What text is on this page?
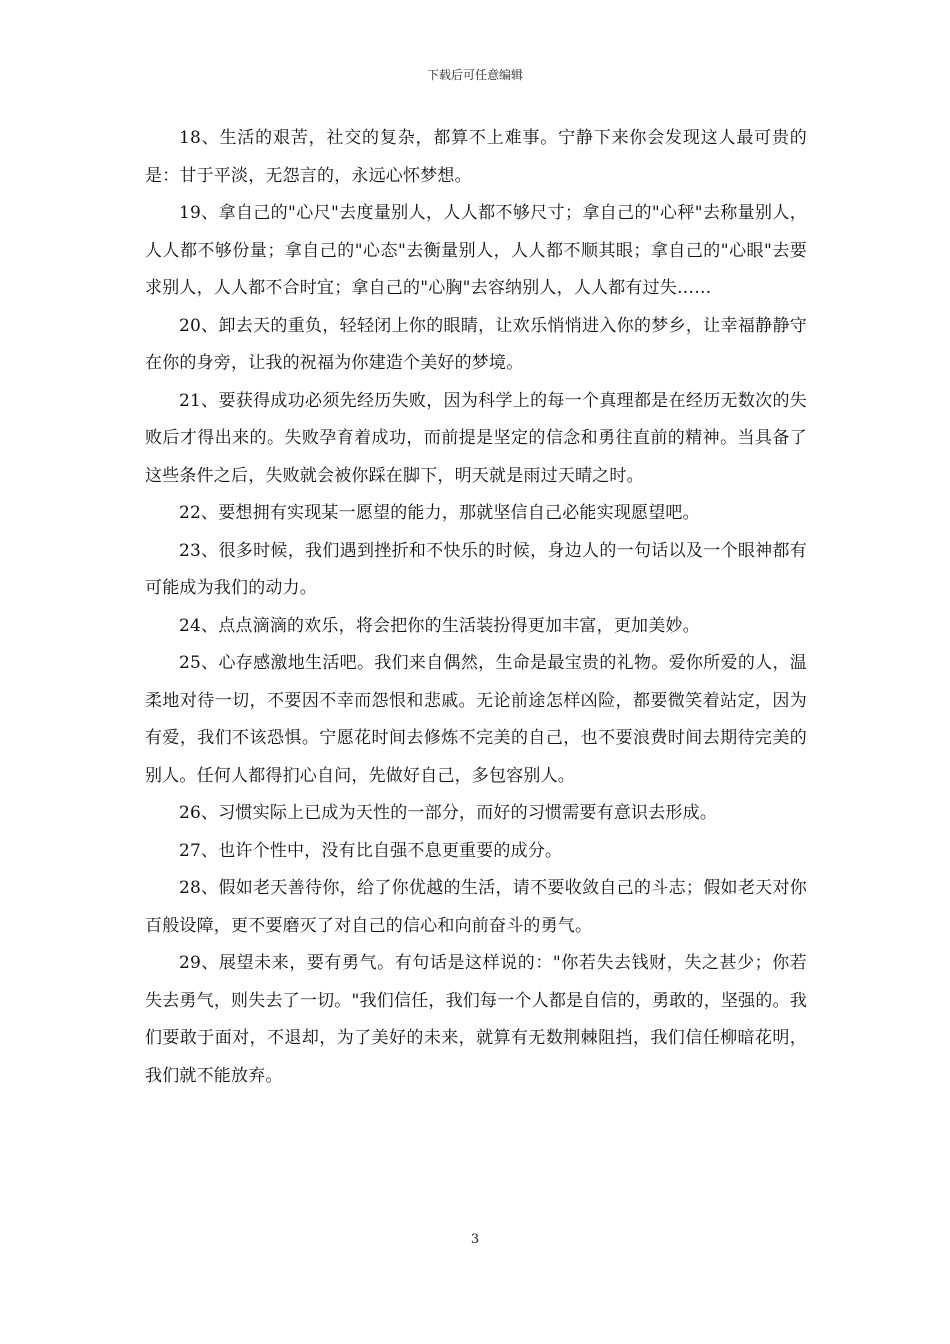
下载后可任意编辑

18、生活的艰苦，社交的复杂，都算不上难事。宁静下来你会发现这人最可贵的是：甘于平淡，无怨言的，永远心怀梦想。

19、拿自己的"心尺"去度量别人，人人都不够尺寸；拿自己的"心秤"去称量别人，人人都不够份量；拿自己的"心态"去衡量别人，人人都不顺其眼；拿自己的"心眼"去要求别人，人人都不合时宜；拿自己的"心胸"去容纳别人，人人都有过失……

20、卸去天的重负，轻轻闭上你的眼睛，让欢乐悄悄进入你的梦乡，让幸福静静守在你的身旁，让我的祝福为你建造个美好的梦境。

21、要获得成功必须先经历失败，因为科学上的每一个真理都是在经历无数次的失败后才得出来的。失败孕育着成功，而前提是坚定的信念和勇往直前的精神。当具备了这些条件之后，失败就会被你踩在脚下，明天就是雨过天晴之时。

22、要想拥有实现某一愿望的能力，那就坚信自己必能实现愿望吧。

23、很多时候，我们遇到挫折和不快乐的时候，身边人的一句话以及一个眼神都有可能成为我们的动力。

24、点点滴滴的欢乐，将会把你的生活装扮得更加丰富，更加美妙。

25、心存感激地生活吧。我们来自偶然，生命是最宝贵的礼物。爱你所爱的人，温柔地对待一切，不要因不幸而怨恨和悲戚。无论前途怎样凶险，都要微笑着站定，因为有爱，我们不该恐惧。宁愿花时间去修炼不完美的自己，也不要浪费时间去期待完美的别人。任何人都得扪心自问，先做好自己，多包容别人。

26、习惯实际上已成为天性的一部分，而好的习惯需要有意识去形成。

27、也许个性中，没有比自强不息更重要的成分。

28、假如老天善待你，给了你优越的生活，请不要收敛自己的斗志；假如老天对你百般设障，更不要磨灭了对自己的信心和向前奋斗的勇气。

29、展望未来，要有勇气。有句话是这样说的："你若失去钱财，失之甚少；你若失去勇气，则失去了一切。"我们信任，我们每一个人都是自信的，勇敢的，坚强的。我们要敢于面对，不退却，为了美好的未来，就算有无数荆棘阻挡，我们信任柳暗花明，我们就不能放弃。

3
